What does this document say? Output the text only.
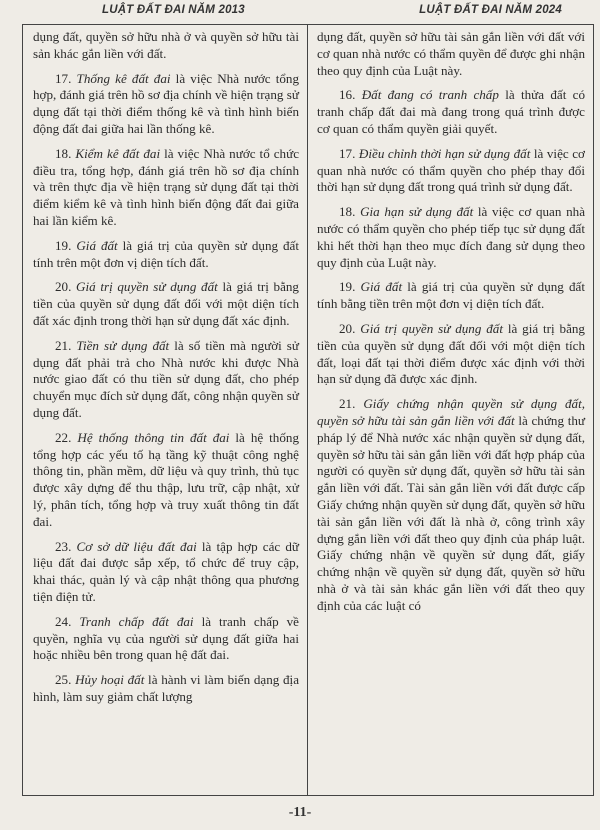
LUẬT ĐẤT ĐAI NĂM 2013	LUẬT ĐẤT ĐAI NĂM 2024

dụng đất, quyền sở hữu nhà ở và quyền sở hữu tài sản khác gắn liền với đất.

17. Thống kê đất đai là việc Nhà nước tổng hợp, đánh giá trên hồ sơ địa chính về hiện trạng sử dụng đất tại thời điểm thống kê và tình hình biến động đất đai giữa hai lần thống kê.

18. Kiểm kê đất đai là việc Nhà nước tổ chức điều tra, tổng hợp, đánh giá trên hồ sơ địa chính và trên thực địa về hiện trạng sử dụng đất tại thời điểm kiểm kê và tình hình biến động đất đai giữa hai lần kiểm kê.

19. Giá đất là giá trị của quyền sử dụng đất tính trên một đơn vị diện tích đất.

20. Giá trị quyền sử dụng đất là giá trị bằng tiền của quyền sử dụng đất đối với một diện tích đất xác định trong thời hạn sử dụng đất xác định.

21. Tiền sử dụng đất là số tiền mà người sử dụng đất phải trả cho Nhà nước khi được Nhà nước giao đất có thu tiền sử dụng đất, cho phép chuyển mục đích sử dụng đất, công nhận quyền sử dụng đất.

22. Hệ thống thông tin đất đai là hệ thống tổng hợp các yếu tố hạ tầng kỹ thuật công nghệ thông tin, phần mềm, dữ liệu và quy trình, thủ tục được xây dựng để thu thập, lưu trữ, cập nhật, xử lý, phân tích, tổng hợp và truy xuất thông tin đất đai.

23. Cơ sở dữ liệu đất đai là tập hợp các dữ liệu đất đai được sắp xếp, tổ chức để truy cập, khai thác, quản lý và cập nhật thông qua phương tiện điện tử.

24. Tranh chấp đất đai là tranh chấp về quyền, nghĩa vụ của người sử dụng đất giữa hai hoặc nhiều bên trong quan hệ đất đai.

25. Hủy hoại đất là hành vi làm biến dạng địa hình, làm suy giảm chất lượng

dụng đất, quyền sở hữu tài sản gắn liền với đất với cơ quan nhà nước có thẩm quyền để được ghi nhận theo quy định của Luật này.

16. Đất đang có tranh chấp là thửa đất có tranh chấp đất đai mà đang trong quá trình được cơ quan có thẩm quyền giải quyết.

17. Điều chỉnh thời hạn sử dụng đất là việc cơ quan nhà nước có thẩm quyền cho phép thay đổi thời hạn sử dụng đất trong quá trình sử dụng đất.

18. Gia hạn sử dụng đất là việc cơ quan nhà nước có thẩm quyền cho phép tiếp tục sử dụng đất khi hết thời hạn theo mục đích đang sử dụng theo quy định của Luật này.

19. Giá đất là giá trị của quyền sử dụng đất tính bằng tiền trên một đơn vị diện tích đất.

20. Giá trị quyền sử dụng đất là giá trị bằng tiền của quyền sử dụng đất đối với một diện tích đất, loại đất tại thời điểm được xác định với thời hạn sử dụng đã được xác định.

21. Giấy chứng nhận quyền sử dụng đất, quyền sở hữu tài sản gắn liền với đất là chứng thư pháp lý để Nhà nước xác nhận quyền sử dụng đất, quyền sở hữu tài sản gắn liền với đất hợp pháp của người có quyền sử dụng đất, quyền sở hữu tài sản gắn liền với đất. Tài sản gắn liền với đất được cấp Giấy chứng nhận quyền sử dụng đất, quyền sở hữu tài sản gắn liền với đất là nhà ở, công trình xây dựng gắn liền với đất theo quy định của pháp luật. Giấy chứng nhận về quyền sử dụng đất, giấy chứng nhận về quyền sử dụng đất, quyền sở hữu nhà ở và tài sản khác gắn liền với đất theo quy định của các luật có

-11-
